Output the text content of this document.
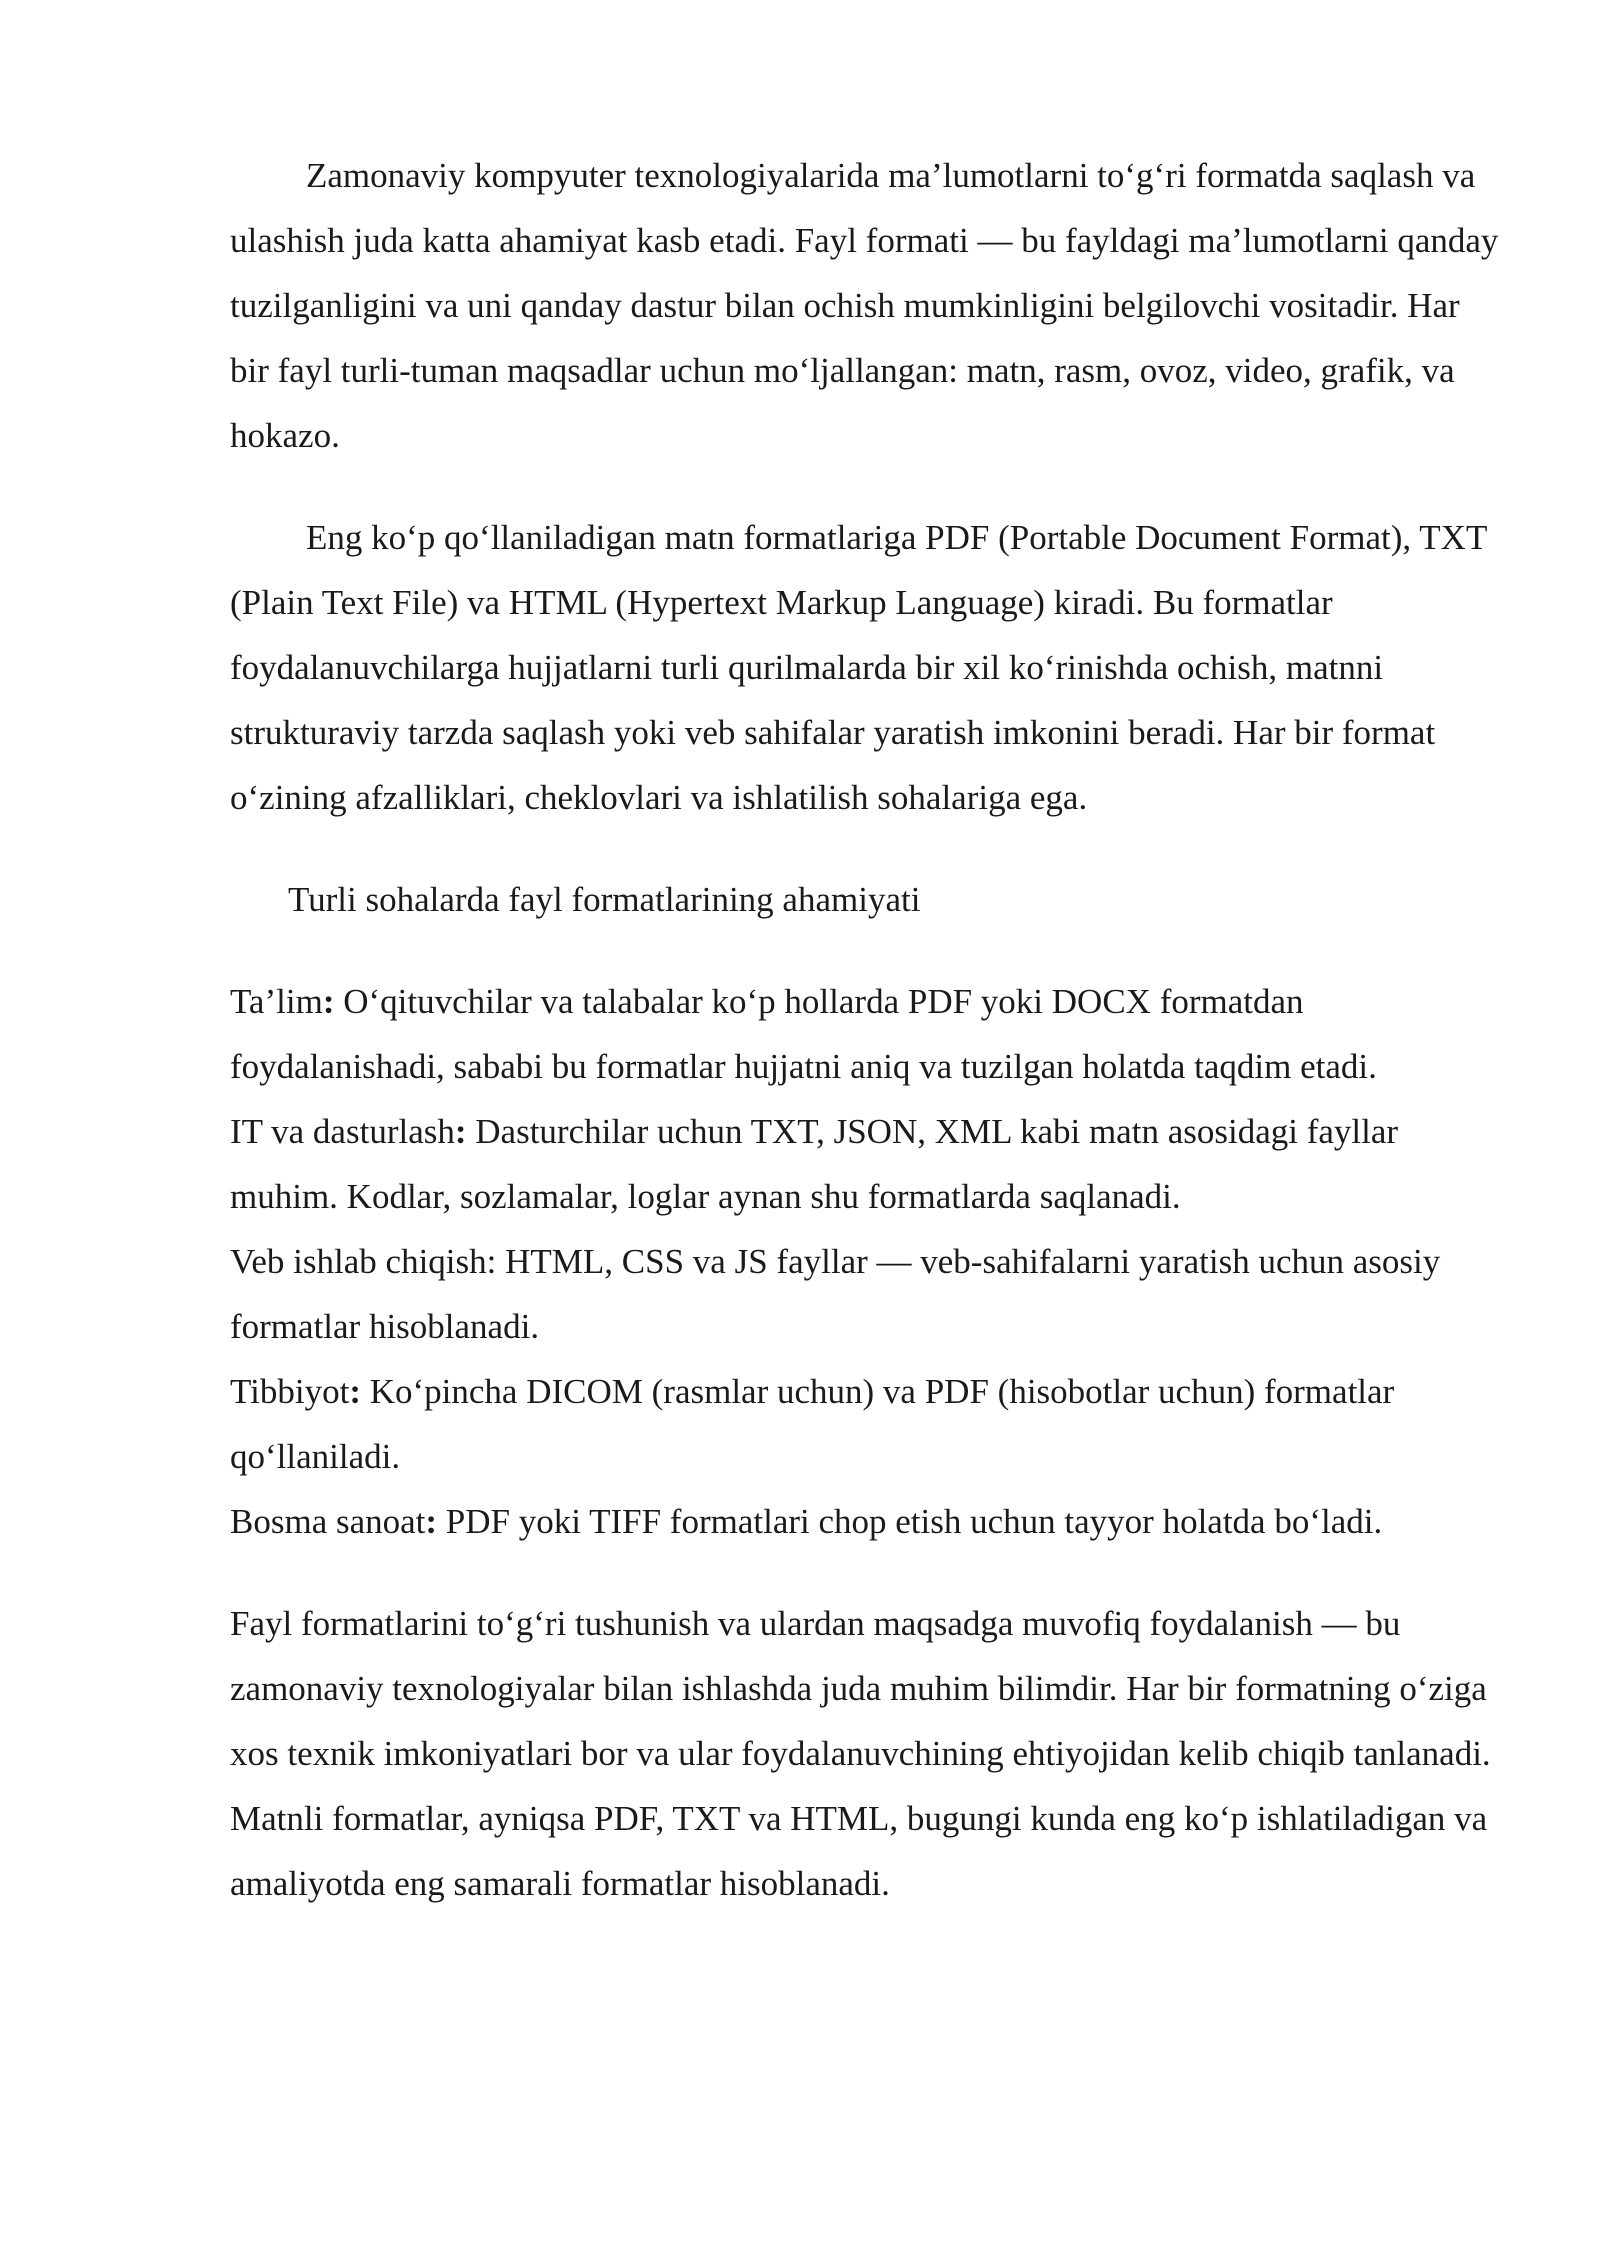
Zamonaviy kompyuter texnologiyalarida ma’lumotlarni to‘g‘ri formatda saqlash va ulashish juda katta ahamiyat kasb etadi. Fayl formati — bu fayldagi ma’lumotlarni qanday tuzilganligini va uni qanday dastur bilan ochish mumkinligini belgilovchi vositadir. Har bir fayl turli-tuman maqsadlar uchun mo‘ljallangan: matn, rasm, ovoz, video, grafik, va hokazo.

Eng ko‘p qo‘llaniladigan matn formatlariga PDF (Portable Document Format), TXT (Plain Text File) va HTML (Hypertext Markup Language) kiradi. Bu formatlar foydalanuvchilarga hujjatlarni turli qurilmalarda bir xil ko‘rinishda ochish, matnni strukturaviy tarzda saqlash yoki veb sahifalar yaratish imkonini beradi. Har bir format o‘zining afzalliklari, cheklovlari va ishlatilish sohalariga ega.

Turli sohalarda fayl formatlarining ahamiyati

Ta’lim: O‘qituvchilar va talabalar ko‘p hollarda PDF yoki DOCX formatdan foydalanishadi, sababi bu formatlar hujjatni aniq va tuzilgan holatda taqdim etadi.

IT va dasturlash: Dasturchilar uchun TXT, JSON, XML kabi matn asosidagi fayllar muhim. Kodlar, sozlamalar, loglar aynan shu formatlarda saqlanadi.

Veb ishlab chiqish: HTML, CSS va JS fayllar — veb-sahifalarni yaratish uchun asosiy formatlar hisoblanadi.

Tibbiyot: Ko‘pincha DICOM (rasmlar uchun) va PDF (hisobotlar uchun) formatlar qo‘llaniladi.

Bosma sanoat: PDF yoki TIFF formatlari chop etish uchun tayyor holatda bo‘ladi.

Fayl formatlarini to‘g‘ri tushunish va ulardan maqsadga muvofiq foydalanish — bu zamonaviy texnologiyalar bilan ishlashda juda muhim bilimdir. Har bir formatning o‘ziga xos texnik imkoniyatlari bor va ular foydalanuvchining ehtiyojidan kelib chiqib tanlanadi. Matnli formatlar, ayniqsa PDF, TXT va HTML, bugungi kunda eng ko‘p ishlatiladigan va amaliyotda eng samarali formatlar hisoblanadi.
